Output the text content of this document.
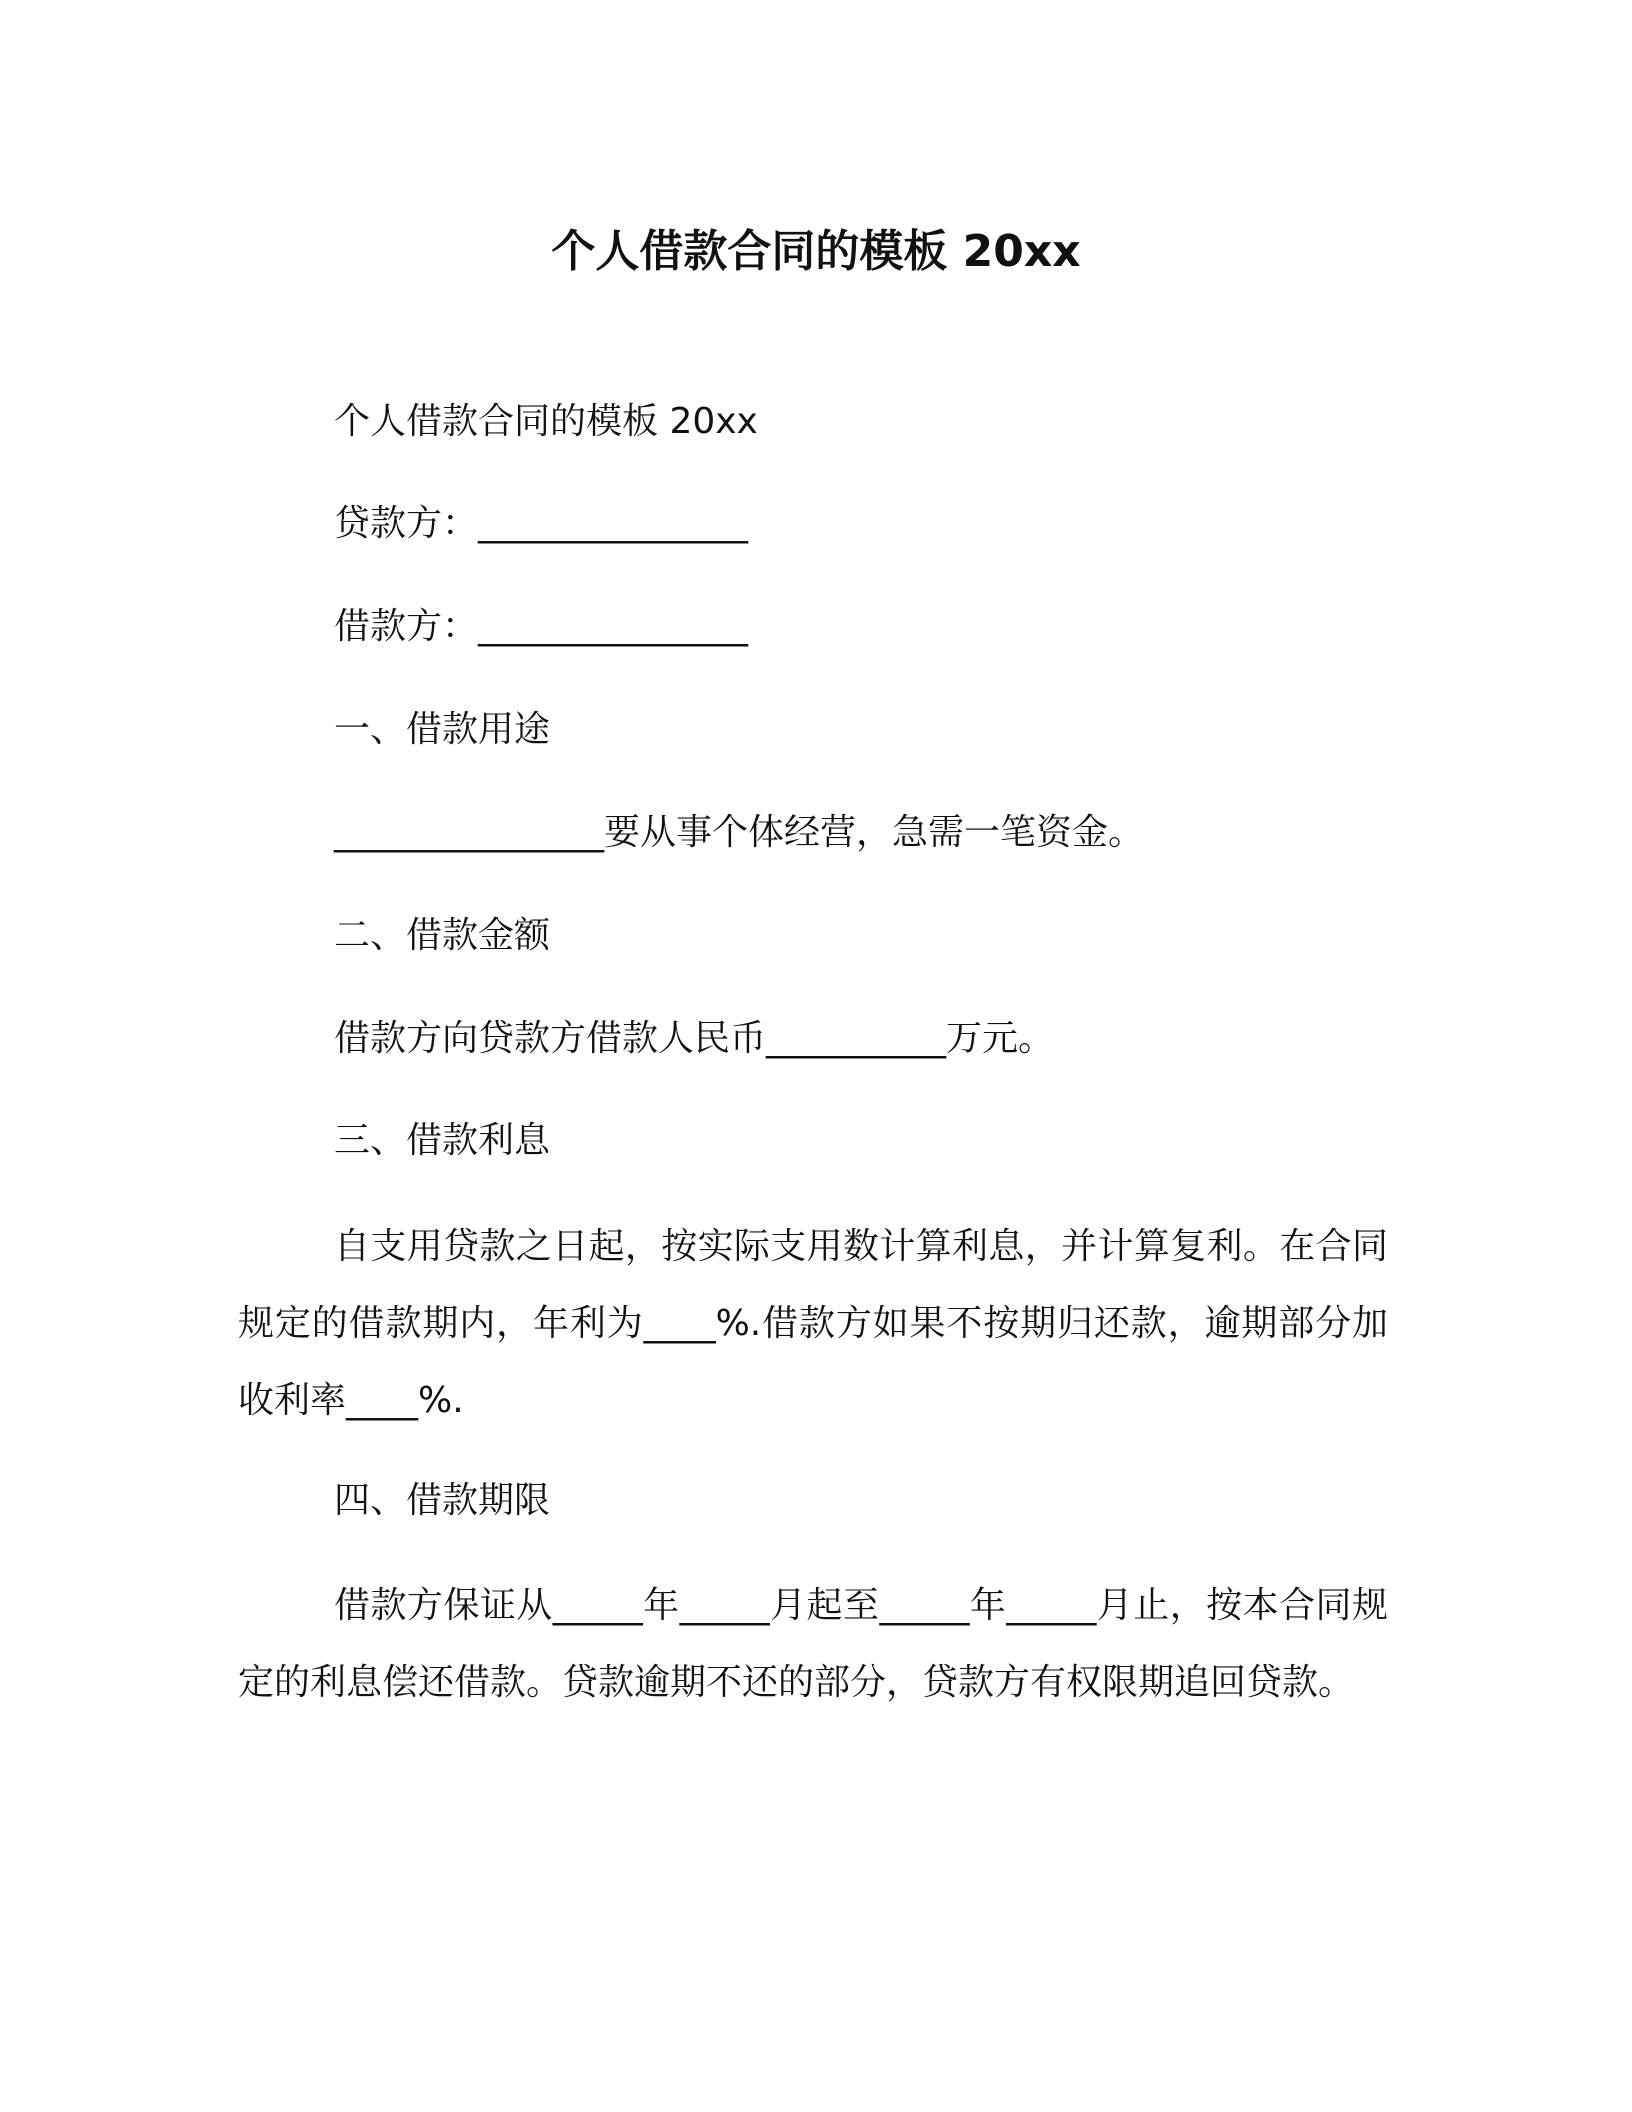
个人借款合同的模板 20xx

个人借款合同的模板 20xx

贷款方：_______________

借款方：_______________

一、借款用途

_______________要从事个体经营，急需一笔资金。

二、借款金额

借款方向贷款方借款人民币__________万元。

三、借款利息

自支用贷款之日起，按实际支用数计算利息，并计算复利。在合同规定的借款期内，年利为____%.借款方如果不按期归还款，逾期部分加收利率____%.

四、借款期限

借款方保证从_____年_____月起至_____年_____月止，按本合同规定的利息偿还借款。贷款逾期不还的部分，贷款方有权限期追回贷款。
